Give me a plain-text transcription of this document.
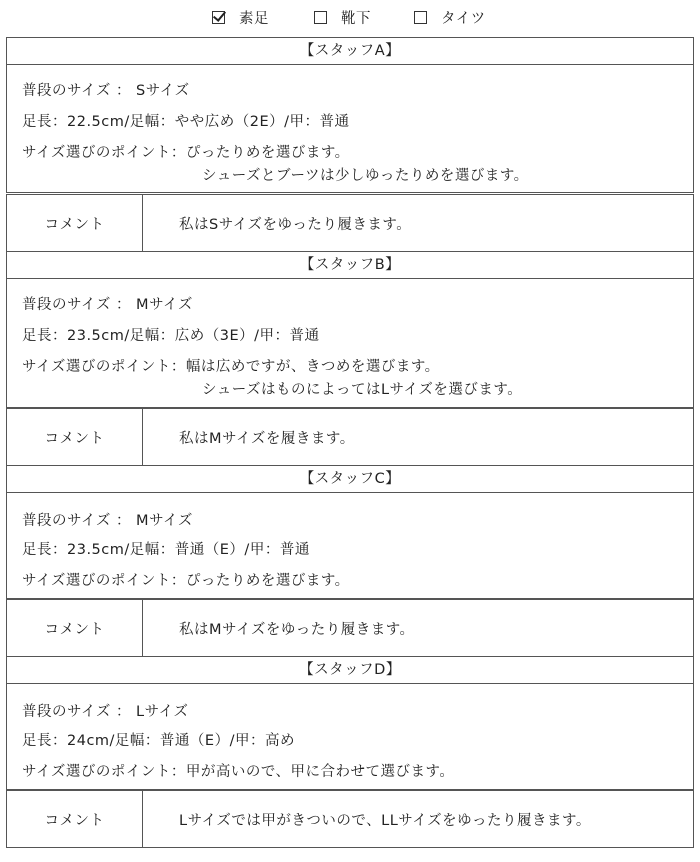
素足	靴下	タイツ
【スタッフA】
普段のサイズ ： Sサイズ
足長：22.5cm/足幅：やや広め（2E）/甲：普通
サイズ選びのポイント：ぴったりめを選びます。
シューズとブーツは少しゆったりめを選びます。
コメント	私はSサイズをゆったり履きます。
【スタッフB】
普段のサイズ ： Mサイズ
足長：23.5cm/足幅：広め（3E）/甲：普通
サイズ選びのポイント：幅は広めですが、きつめを選びます。
シューズはものによってはLサイズを選びます。
コメント	私はMサイズを履きます。
【スタッフC】
普段のサイズ ： Mサイズ
足長：23.5cm/足幅：普通（E）/甲：普通
サイズ選びのポイント：ぴったりめを選びます。
コメント	私はMサイズをゆったり履きます。
【スタッフD】
普段のサイズ ： Lサイズ
足長：24cm/足幅：普通（E）/甲：高め
サイズ選びのポイント：甲が高いので、甲に合わせて選びます。
コメント	Lサイズでは甲がきついので、LLサイズをゆったり履きます。
